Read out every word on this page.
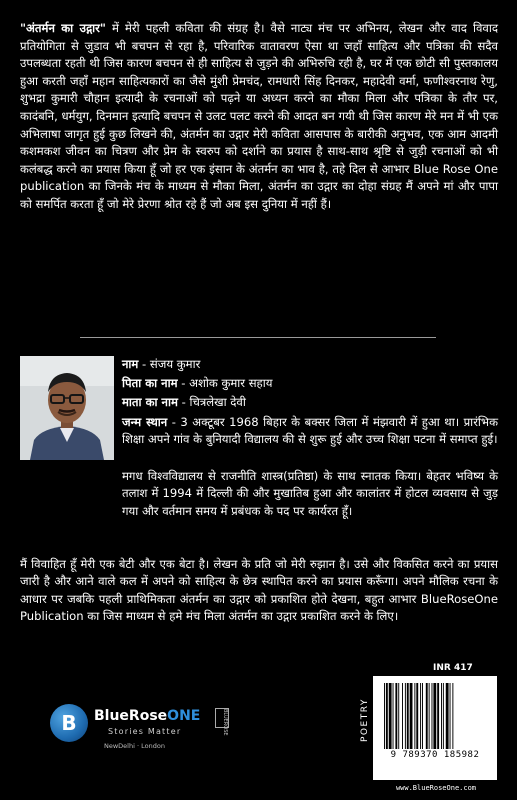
"अंतर्मन का उद्गार" में मेरी पहली कविता की संग्रह है। वैसे नाट्य मंच पर अभिनय, लेखन और वाद विवाद प्रतियोगिता से जुडाव भी बचपन से रहा है, परिवारिक वातावरण ऐसा था जहाँ साहित्य और पत्रिका की सदैव उपलब्धता रहती थी जिस कारण बचपन से ही साहित्य से जुड़ने की अभिरुचि रही है, घर में एक छोटी सी पुस्तकालय हुआ करती जहाँ महान साहित्यकारों का जैसे मुंशी प्रेमचंद, रामधारी सिंह दिनकर, महादेवी वर्मा, फणीश्वरनाथ रेणु, शुभद्रा कुमारी चौहान इत्यादी के रचनाओं को पढ़ने या अध्यन करने का मौका मिला और पत्रिका के तौर पर, कादंबनि, धर्मयुग, दिनमान इत्यादि बचपन से उलट पलट करने की आदत बन गयी थी जिस कारण मेरे मन में भी एक अभिलाषा जागृत हुई कुछ लिखने की, अंतर्मन का उद्गार मेरी कविता आसपास के बारीकी अनुभव, एक आम आदमी कशमकश जीवन का चित्रण और प्रेम के स्वरुप को दर्शाने का प्रयास है साथ-साथ श्रृष्टि से जुड़ी रचनाओं को भी कलंबद्ध करने का प्रयास किया हूँ जो हर एक इंसान के अंतर्मन का भाव है, तहे दिल से आभार Blue Rose One publication का जिनके मंच के माध्यम से मौका मिला, अंतर्मन का उद्गार का दोहा संग्रह मैं अपने मां और पापा को समर्पित करता हूँ जो मेरे प्रेरणा श्रोत रहे हैं जो अब इस दुनिया में नहीं हैं।

नाम - संजय कुमार

पिता का नाम - अशोक कुमार सहाय

माता का नाम - चित्रलेखा देवी

जन्म स्थान - 3 अक्टूबर 1968 बिहार के बक्सर जिला में मंझवारी में हुआ था। प्रारंभिक शिक्षा अपने गांव के बुनियादी विद्यालय की से शुरू हुई और उच्च शिक्षा पटना में समाप्त हुई।

मगध विश्वविद्यालय से राजनीति शास्त्र(प्रतिष्ठा) के साथ स्नातक किया। बेहतर भविष्य के तलाश में 1994 में दिल्ली की और मुखातिब हुआ और कालांतर में होटल व्यवसाय से जुड़ गया और वर्तमान समय में प्रबंधक के पद पर कार्यरत हूँ।

मैं विवाहित हूँ मेरी एक बेटी और एक बेटा है। लेखन के प्रति जो मेरी रुझान है। उसे और विकसित करने का प्रयास जारी है और आने वाले कल में अपने को साहित्य के छेत्र स्थापित करने का प्रयास करूँगा। अपने मौलिक रचना के आधार पर जबकि पहली प्राथिमिकता अंतर्मन का उद्गार को प्रकाशित होते देखना, बहुत आभार BlueRoseOne Publication का जिस माध्यम से हमे मंच मिला अंतर्मन का उद्गार प्रकाशित करने के लिए।

B	BlueRoseONE	BLUEROSE
Stories Matter
NewDelhi · London
INR 417
POETRY
9 789370 185982
www.BlueRoseOne.com
